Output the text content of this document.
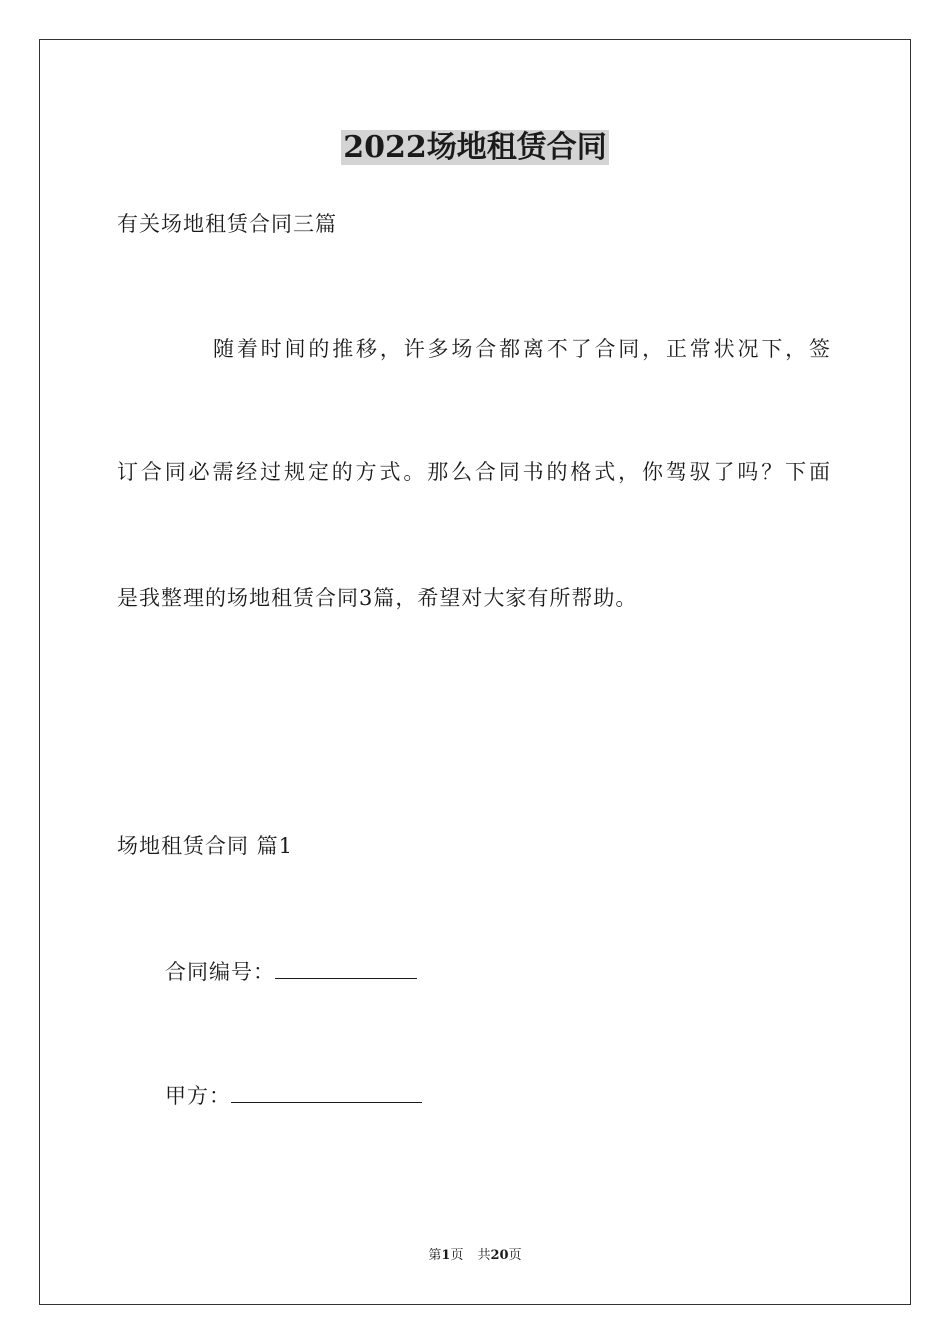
2022场地租赁合同
有关场地租赁合同三篇
随着时间的推移，许多场合都离不了合同，正常状况下，签
订合同必需经过规定的方式。那么合同书的格式，你驾驭了吗？下面
是我整理的场地租赁合同3篇，希望对大家有所帮助。
场地租赁合同 篇1
合同编号：
甲方：
第1页 共20页
